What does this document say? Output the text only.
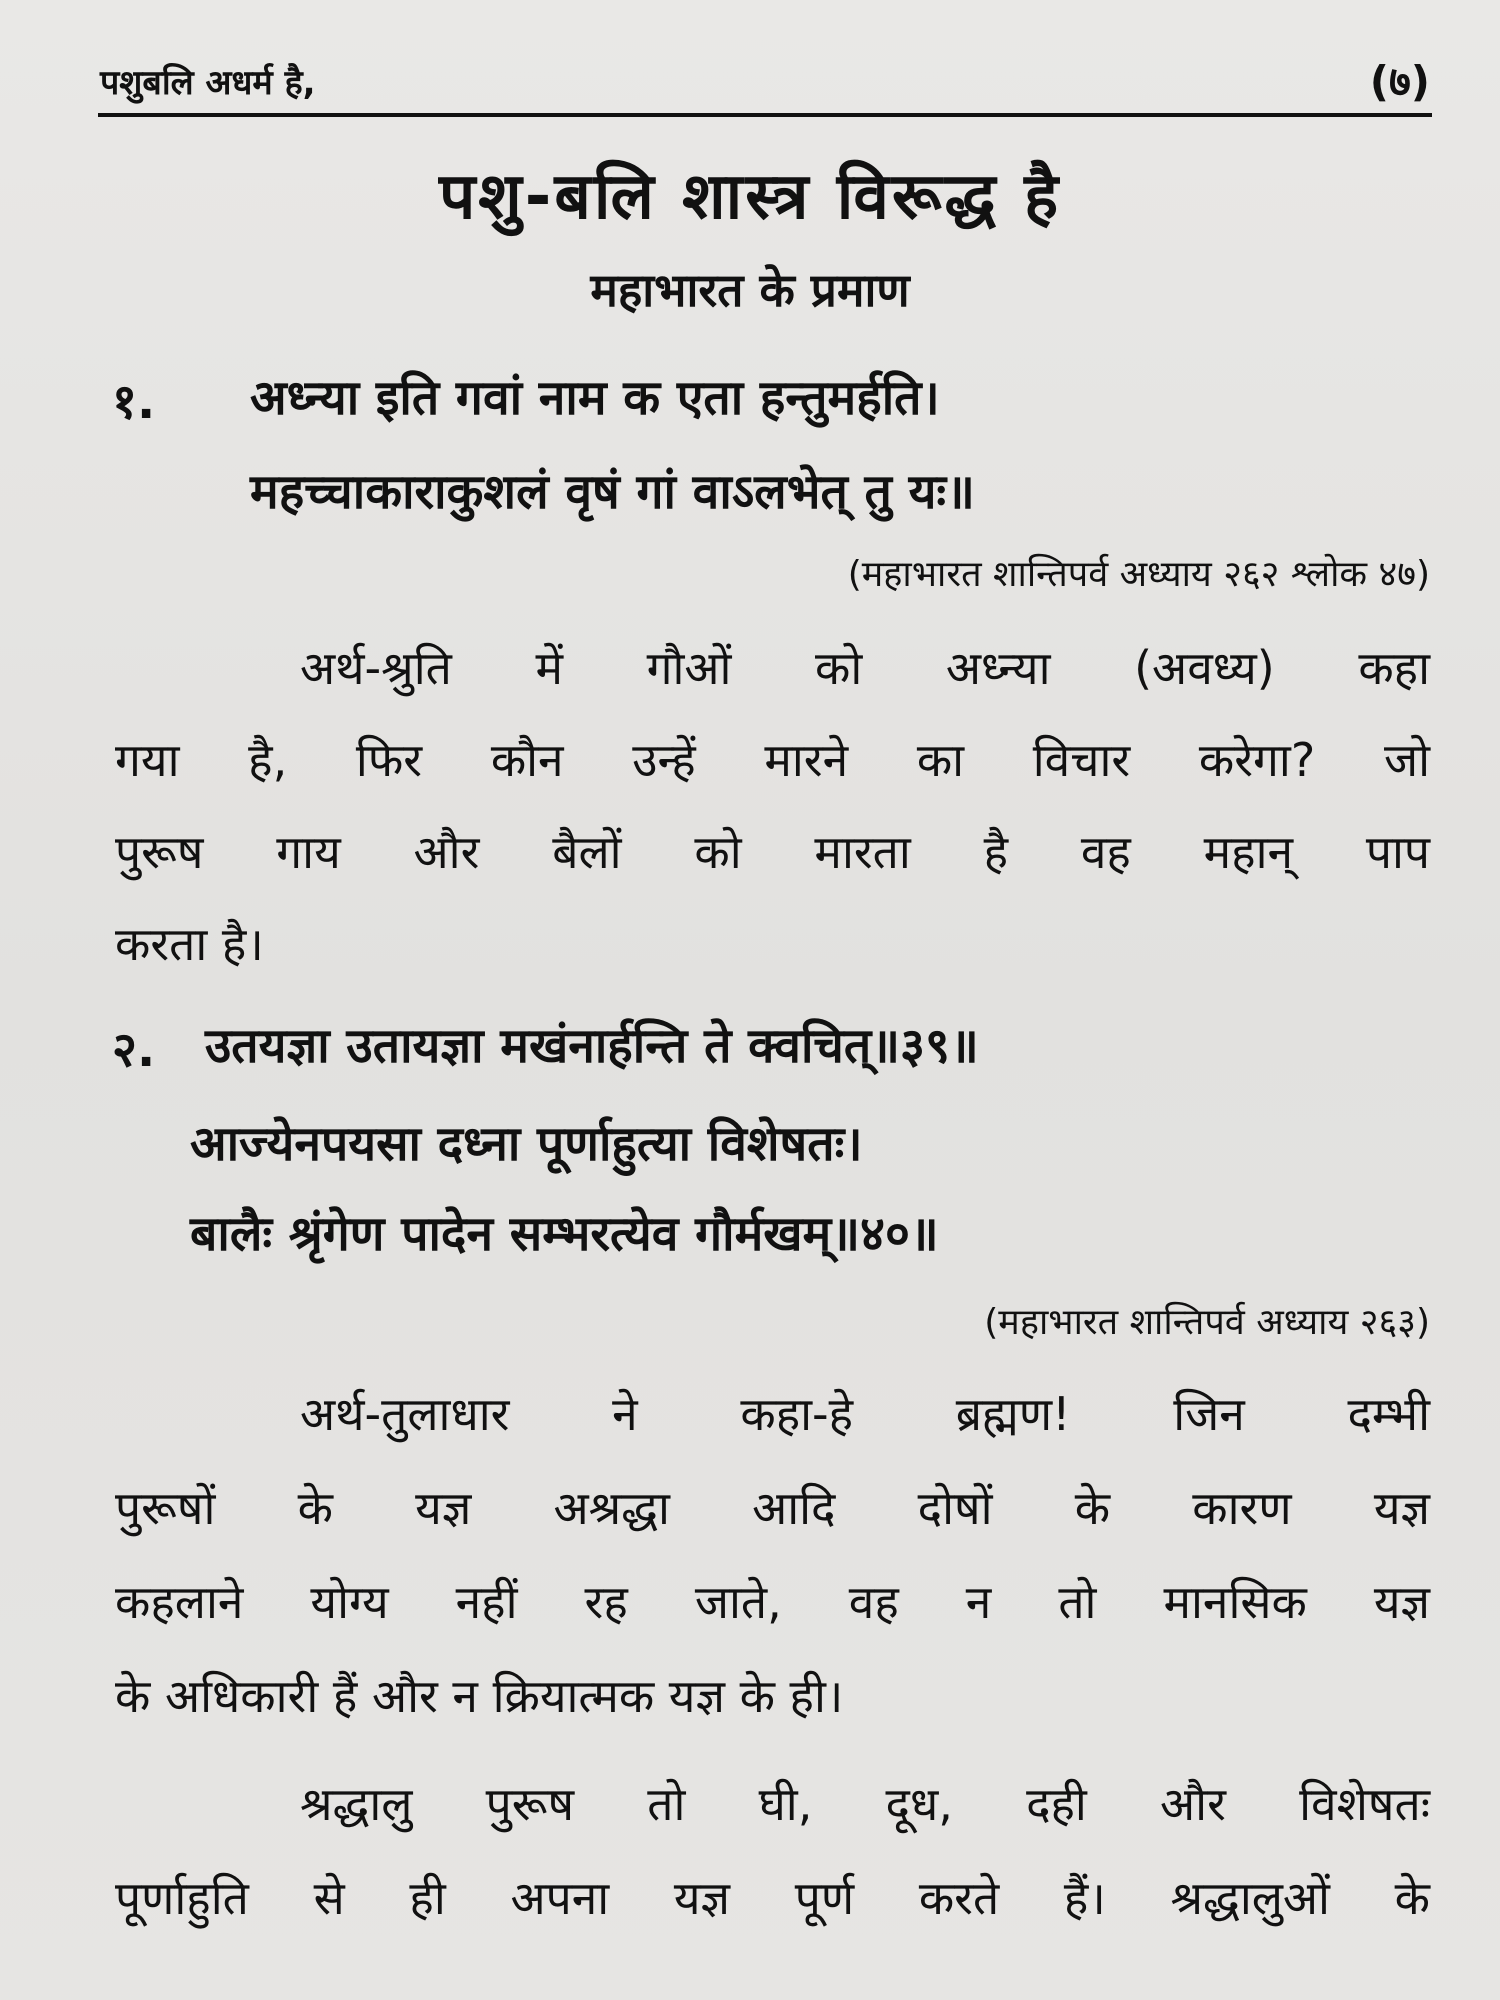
पशुबलि अधर्म है,	(७)
पशु-बलि शास्त्र विरूद्ध है
महाभारत के प्रमाण
१. अध्न्या इति गवां नाम क एता हन्तुमर्हति।
महच्चाकाराकुशलं वृषं गां वाऽलभेत् तु यः॥
(महाभारत शान्तिपर्व अध्याय २६२ श्लोक ४७)
अर्थ-श्रुति में गौओं को अध्न्या (अवध्य) कहा
गया है, फिर कौन उन्हें मारने का विचार करेगा? जो
पुरूष गाय और बैलों को मारता है वह महान् पाप
करता है।
२. उतयज्ञा उतायज्ञा मखंनार्हन्ति ते क्वचित्॥३९॥
आज्येनपयसा दध्ना पूर्णाहुत्या विशेषतः।
बालैः श्रृंगेण पादेन सम्भरत्येव गौर्मखम्॥४०॥
(महाभारत शान्तिपर्व अध्याय २६३)
अर्थ-तुलाधार ने कहा-हे ब्रह्मण! जिन दम्भी
पुरूषों के यज्ञ अश्रद्धा आदि दोषों के कारण यज्ञ
कहलाने योग्य नहीं रह जाते, वह न तो मानसिक यज्ञ
के अधिकारी हैं और न क्रियात्मक यज्ञ के ही।
श्रद्धालु पुरूष तो घी, दूध, दही और विशेषतः
पूर्णाहुति से ही अपना यज्ञ पूर्ण करते हैं। श्रद्धालुओं के
